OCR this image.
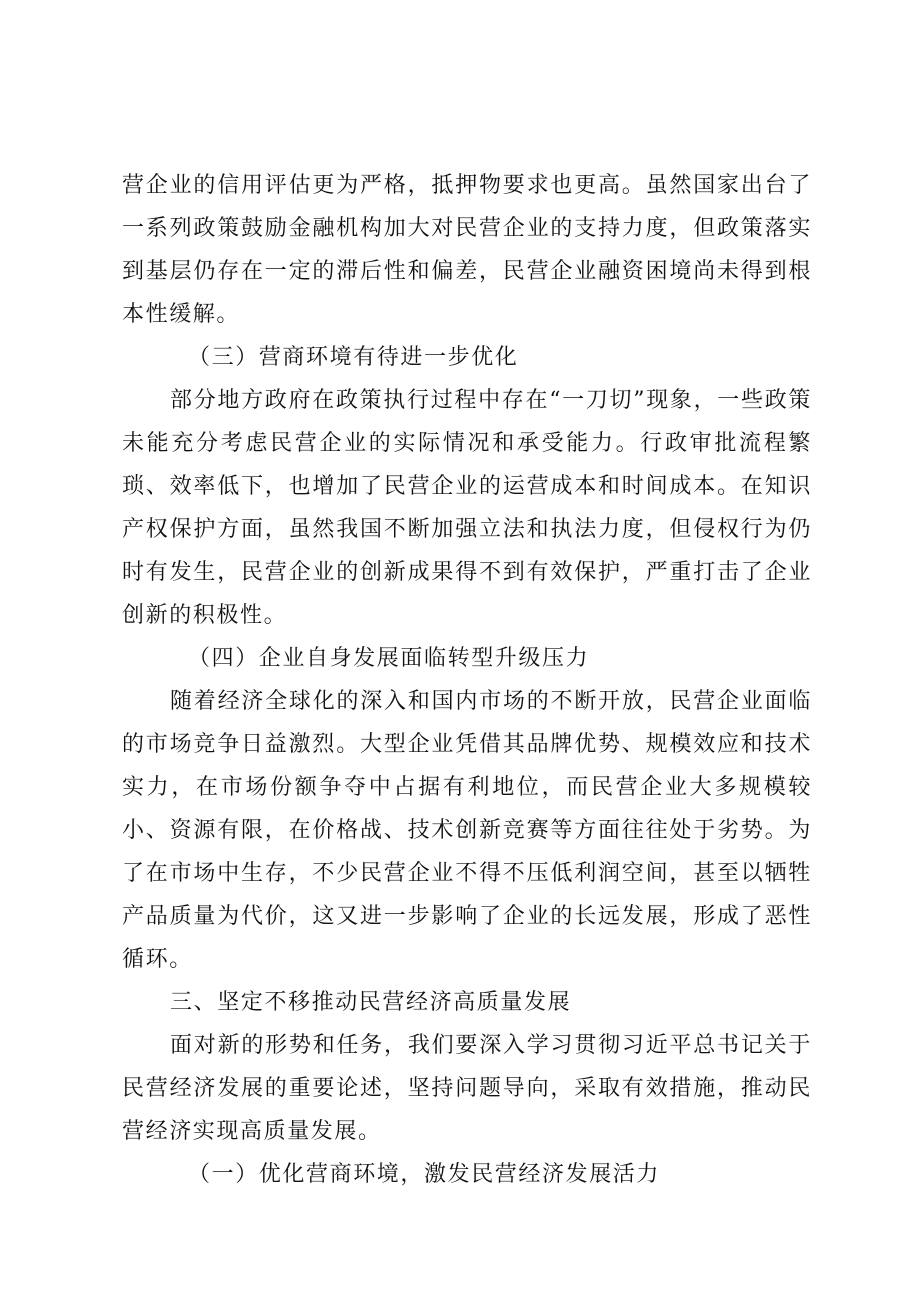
营企业的信用评估更为严格，抵押物要求也更高。虽然国家出台了一系列政策鼓励金融机构加大对民营企业的支持力度，但政策落实到基层仍存在一定的滞后性和偏差，民营企业融资困境尚未得到根本性缓解。

（三）营商环境有待进一步优化

部分地方政府在政策执行过程中存在“一刀切”现象，一些政策未能充分考虑民营企业的实际情况和承受能力。行政审批流程繁琐、效率低下，也增加了民营企业的运营成本和时间成本。在知识产权保护方面，虽然我国不断加强立法和执法力度，但侵权行为仍时有发生，民营企业的创新成果得不到有效保护，严重打击了企业创新的积极性。

（四）企业自身发展面临转型升级压力

随着经济全球化的深入和国内市场的不断开放，民营企业面临的市场竞争日益激烈。大型企业凭借其品牌优势、规模效应和技术实力，在市场份额争夺中占据有利地位，而民营企业大多规模较小、资源有限，在价格战、技术创新竞赛等方面往往处于劣势。为了在市场中生存，不少民营企业不得不压低利润空间，甚至以牺牲产品质量为代价，这又进一步影响了企业的长远发展，形成了恶性循环。

三、坚定不移推动民营经济高质量发展

面对新的形势和任务，我们要深入学习贯彻习近平总书记关于民营经济发展的重要论述，坚持问题导向，采取有效措施，推动民营经济实现高质量发展。

（一）优化营商环境，激发民营经济发展活力
